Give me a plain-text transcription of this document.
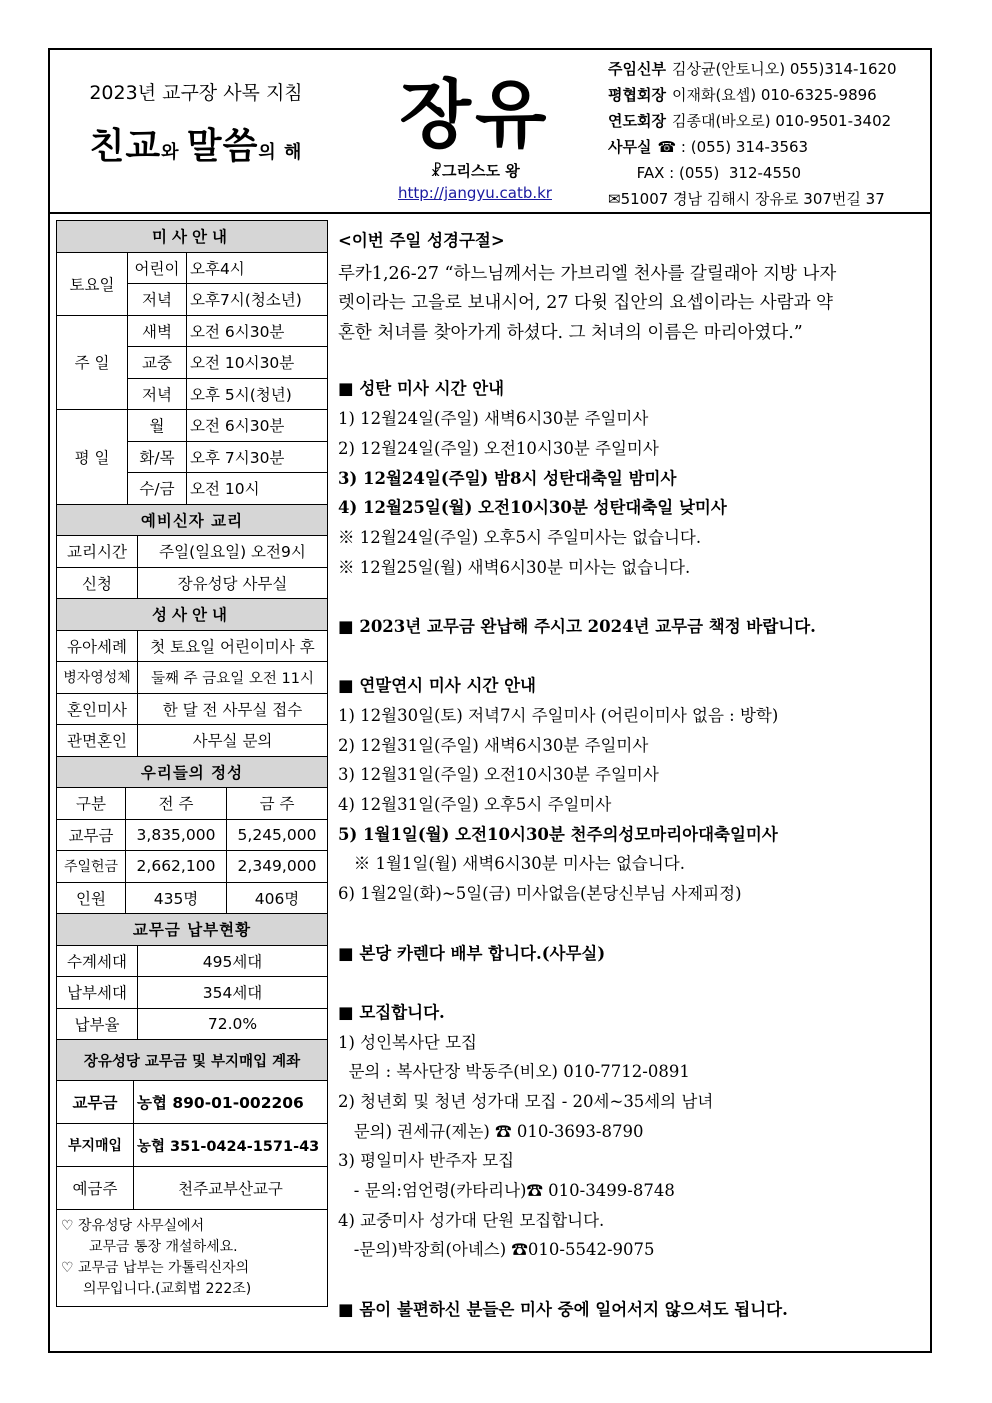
2023년 교구장 사목 지침
친교와 말씀의 해	장유
☧그리스도 왕
http://jangyu.catb.kr
주임신부 김상균(안토니오) 055)314-1620
평협회장 이재화(요셉) 010-6325-9896
연도회장 김종대(바오로) 010-9501-3402
사무실 ☎ : (055) 314-3563
FAX : (055)  312-4550
✉51007 경남 김해시 장유로 307번길 37
미사안내		
토요일	어린이	오후4시
	저녁	오후7시(청소년)
주 일	새벽	오전 6시30분
	교중	오전 10시30분
	저녁	오후 5시(청년)
평 일	월	오전 6시30분
	화/목	오후 7시30분
	수/금	오전 10시
예비신자 교리	
교리시간	주일(일요일) 오전9시
신청	장유성당 사무실
성사안내	
유아세례	첫 토요일 어린이미사 후
병자영성체	둘째 주 금요일 오전 11시
혼인미사	한 달 전 사무실 접수
관면혼인	사무실 문의
우리들의 정성		
구분	전 주	금 주
교무금	3,835,000	5,245,000
주일헌금	2,662,100	2,349,000
인원	435명	406명
교무금 납부현황	
수계세대	495세대
납부세대	354세대
납부율	72.0%
장유성당 교무금 및 부지매입 계좌	
교무금	농협 890-01-002206
부지매입	농협 351-0424-1571-43
예금주	천주교부산교구
♡ 장유성당 사무실에서
교무금 통장 개설하세요.
♡ 교무금 납부는 가톨릭신자의
의무입니다.(교회법 222조)
<이번 주일 성경구절>
루카1,26-27 “하느님께서는 가브리엘 천사를 갈릴래아 지방 나자
렛이라는 고을로 보내시어, 27 다윗 집안의 요셉이라는 사람과 약
혼한 처녀를 찾아가게 하셨다. 그 처녀의 이름은 마리아였다.”
■ 성탄 미사 시간 안내
1) 12월24일(주일) 새벽6시30분 주일미사
2) 12월24일(주일) 오전10시30분 주일미사
3) 12월24일(주일) 밤8시 성탄대축일 밤미사
4) 12월25일(월) 오전10시30분 성탄대축일 낮미사
※ 12월24일(주일) 오후5시 주일미사는 없습니다.
※ 12월25일(월) 새벽6시30분 미사는 없습니다.
■ 2023년 교무금 완납해 주시고 2024년 교무금 책정 바랍니다.
■ 연말연시 미사 시간 안내
1) 12월30일(토) 저녁7시 주일미사 (어린이미사 없음 : 방학)
2) 12월31일(주일) 새벽6시30분 주일미사
3) 12월31일(주일) 오전10시30분 주일미사
4) 12월31일(주일) 오후5시 주일미사
5) 1월1일(월) 오전10시30분 천주의성모마리아대축일미사
※ 1월1일(월) 새벽6시30분 미사는 없습니다.
6) 1월2일(화)~5일(금) 미사없음(본당신부님 사제피정)
■ 본당 카렌다 배부 합니다.(사무실)
■ 모집합니다.
1) 성인복사단 모집
문의 : 복사단장 박동주(비오) 010-7712-0891
2) 청년회 및 청년 성가대 모집 - 20세~35세의 남녀
문의) 권세규(제논) ☎ 010-3693-8790
3) 평일미사 반주자 모집
- 문의:엄언령(카타리나)☎ 010-3499-8748
4) 교중미사 성가대 단원 모집합니다.
-문의)박장희(아녜스) ☎010-5542-9075
■ 몸이 불편하신 분들은 미사 중에 일어서지 않으셔도 됩니다.
